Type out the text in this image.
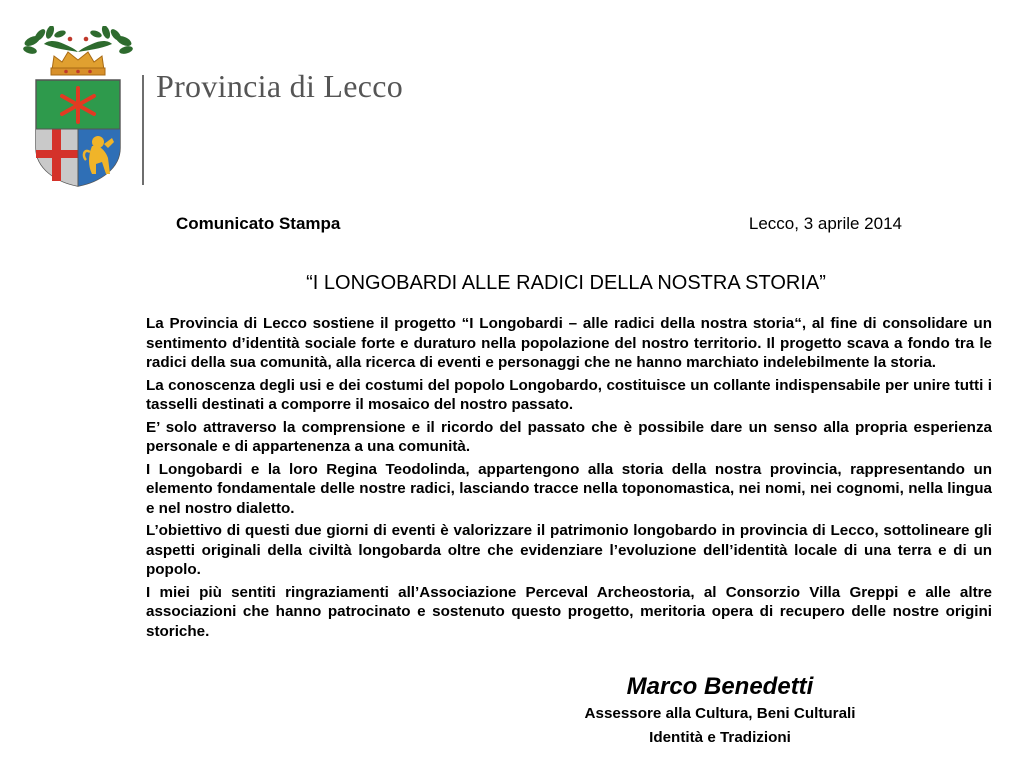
Provincia di Lecco
Comunicato Stampa	Lecco, 3 aprile 2014
“I LONGOBARDI ALLE RADICI DELLA NOSTRA STORIA”

La Provincia di Lecco sostiene il progetto “I Longobardi – alle radici della nostra storia“, al fine di consolidare un sentimento d’identità sociale forte e duraturo nella popolazione del nostro territorio. Il progetto scava a fondo tra le radici della sua comunità, alla ricerca di eventi e personaggi che ne hanno marchiato indelebilmente la storia.

La conoscenza degli usi e dei costumi del popolo Longobardo, costituisce un collante indispensabile per unire tutti i tasselli destinati a comporre il mosaico del nostro passato.

E’ solo attraverso la comprensione e il ricordo del passato che è possibile dare un senso alla propria esperienza personale e di appartenenza a una comunità.

I Longobardi e la loro Regina Teodolinda, appartengono alla storia della nostra provincia, rappresentando un elemento fondamentale delle nostre radici, lasciando tracce nella toponomastica, nei nomi, nei cognomi, nella lingua e nel nostro dialetto.

L’obiettivo di questi due giorni di eventi è valorizzare il patrimonio longobardo in provincia di Lecco, sottolineare gli aspetti originali della civiltà longobarda oltre che evidenziare l’evoluzione dell’identità locale di una terra e di un popolo.

I miei più sentiti ringraziamenti all’Associazione Perceval Archeostoria, al Consorzio Villa Greppi e alle altre associazioni che hanno patrocinato e sostenuto questo progetto, meritoria opera di recupero delle nostre origini storiche.

Marco Benedetti
Assessore alla Cultura, Beni Culturali
Identità e Tradizioni
